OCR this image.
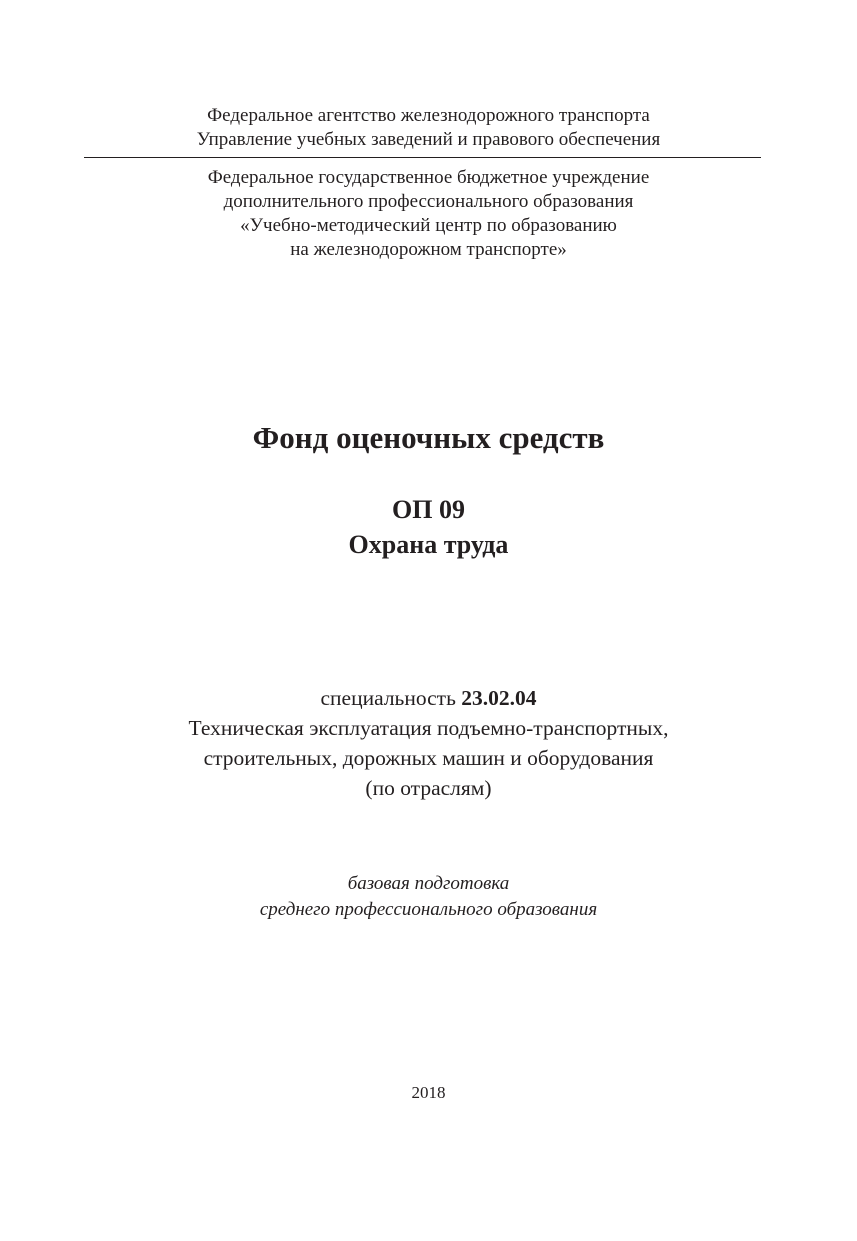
Федеральное агентство железнодорожного транспорта
Управление учебных заведений и правового обеспечения
Федеральное государственное бюджетное учреждение
дополнительного профессионального образования
«Учебно-методический центр по образованию
на железнодорожном транспорте»
Фонд оценочных средств
ОП 09
Охрана труда
специальность 23.02.04
Техническая эксплуатация подъемно-транспортных,
строительных, дорожных машин и оборудования
(по отраслям)
базовая подготовка
среднего профессионального образования
2018
